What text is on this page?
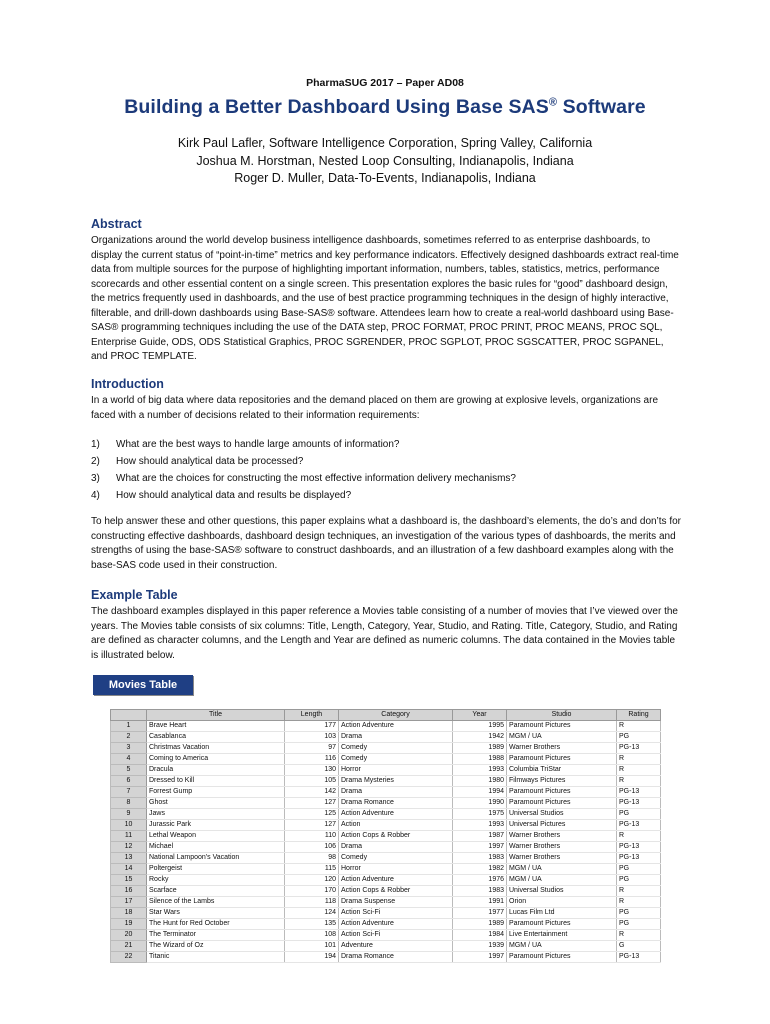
PharmaSUG 2017 – Paper AD08
Building a Better Dashboard Using Base SAS® Software
Kirk Paul Lafler, Software Intelligence Corporation, Spring Valley, California
Joshua M. Horstman, Nested Loop Consulting, Indianapolis, Indiana
Roger D. Muller, Data-To-Events, Indianapolis, Indiana
Abstract

Organizations around the world develop business intelligence dashboards, sometimes referred to as enterprise dashboards, to display the current status of “point-in-time” metrics and key performance indicators. Effectively designed dashboards extract real-time data from multiple sources for the purpose of highlighting important information, numbers, tables, statistics, metrics, performance scorecards and other essential content on a single screen. This presentation explores the basic rules for “good” dashboard design, the metrics frequently used in dashboards, and the use of best practice programming techniques in the design of highly interactive, filterable, and drill-down dashboards using Base-SAS® software. Attendees learn how to create a real-world dashboard using Base-SAS® programming techniques including the use of the DATA step, PROC FORMAT, PROC PRINT, PROC MEANS, PROC SQL, Enterprise Guide, ODS, ODS Statistical Graphics, PROC SGRENDER, PROC SGPLOT, PROC SGSCATTER, PROC SGPANEL, and PROC TEMPLATE.

Introduction

In a world of big data where data repositories and the demand placed on them are growing at explosive levels, organizations are faced with a number of decisions related to their information requirements:

1) What are the best ways to handle large amounts of information?
2) How should analytical data be processed?
3) What are the choices for constructing the most effective information delivery mechanisms?
4) How should analytical data and results be displayed?

To help answer these and other questions, this paper explains what a dashboard is, the dashboard’s elements, the do’s and don’ts for constructing effective dashboards, dashboard design techniques, an investigation of the various types of dashboards, the merits and strengths of using the base-SAS® software to construct dashboards, and an illustration of a few dashboard examples along with the base-SAS code used in their construction.

Example Table

The dashboard examples displayed in this paper reference a Movies table consisting of a number of movies that I’ve viewed over the years. The Movies table consists of six columns: Title, Length, Category, Year, Studio, and Rating. Title, Category, Studio, and Rating are defined as character columns, and the Length and Year are defined as numeric columns. The data contained in the Movies table is illustrated below.

Movies Table
	Title	Length	Category	Year	Studio	Rating
1	Brave Heart	177	Action Adventure	1995	Paramount Pictures	R
2	Casablanca	103	Drama	1942	MGM / UA	PG
3	Christmas Vacation	97	Comedy	1989	Warner Brothers	PG-13
4	Coming to America	116	Comedy	1988	Paramount Pictures	R
5	Dracula	130	Horror	1993	Columbia TriStar	R
6	Dressed to Kill	105	Drama Mysteries	1980	Filmways Pictures	R
7	Forrest Gump	142	Drama	1994	Paramount Pictures	PG-13
8	Ghost	127	Drama Romance	1990	Paramount Pictures	PG-13
9	Jaws	125	Action Adventure	1975	Universal Studios	PG
10	Jurassic Park	127	Action	1993	Universal Pictures	PG-13
11	Lethal Weapon	110	Action Cops & Robber	1987	Warner Brothers	R
12	Michael	106	Drama	1997	Warner Brothers	PG-13
13	National Lampoon's Vacation	98	Comedy	1983	Warner Brothers	PG-13
14	Poltergeist	115	Horror	1982	MGM / UA	PG
15	Rocky	120	Action Adventure	1976	MGM / UA	PG
16	Scarface	170	Action Cops & Robber	1983	Universal Studios	R
17	Silence of the Lambs	118	Drama Suspense	1991	Orion	R
18	Star Wars	124	Action Sci-Fi	1977	Lucas Film Ltd	PG
19	The Hunt for Red October	135	Action Adventure	1989	Paramount Pictures	PG
20	The Terminator	108	Action Sci-Fi	1984	Live Entertainment	R
21	The Wizard of Oz	101	Adventure	1939	MGM / UA	G
22	Titanic	194	Drama Romance	1997	Paramount Pictures	PG-13
